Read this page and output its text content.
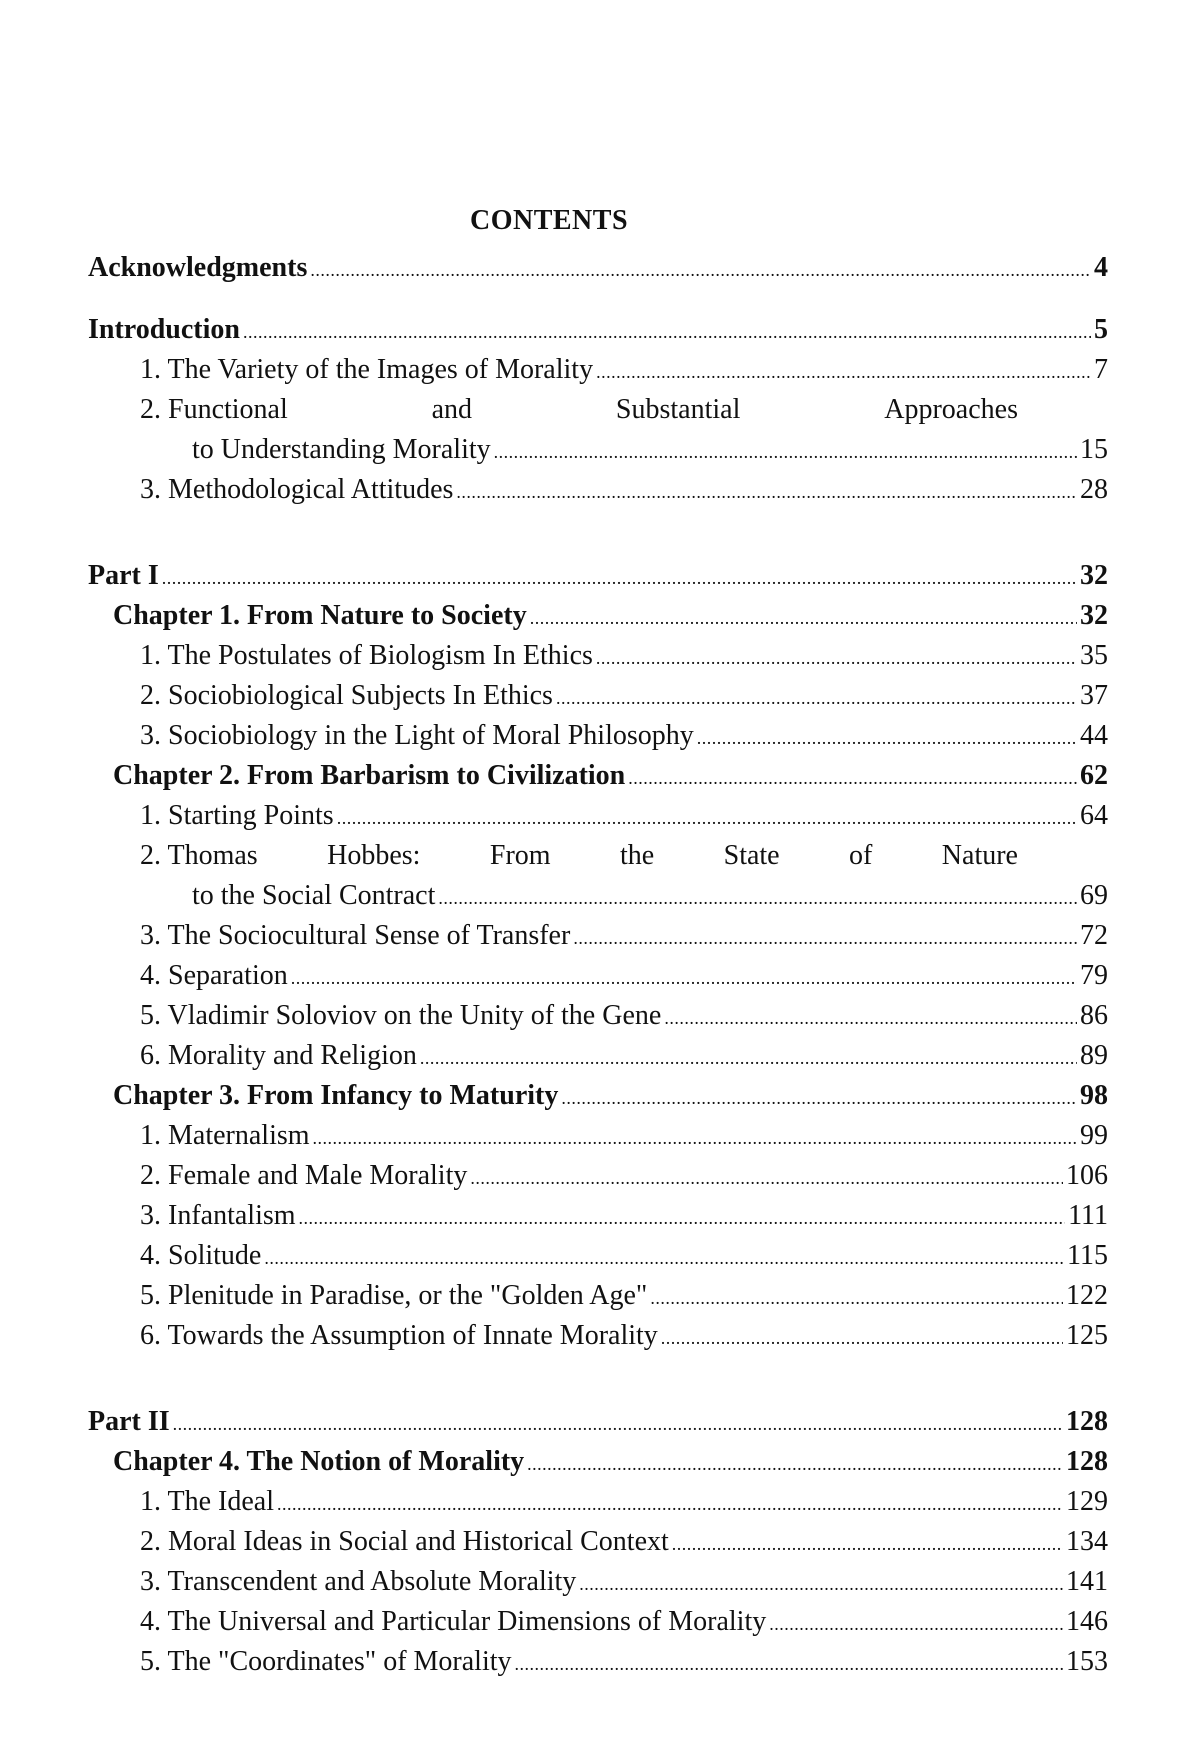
CONTENTS
Acknowledgments .....	4
Introduction .....	5
1. The Variety of the Images of Morality .....	7
2. Functional	and	Substantial	Approaches
to Understanding Morality .....	15
3. Methodological Attitudes .....	28
Part I .....	32
Chapter 1. From Nature to Society .....	32
1. The Postulates of Biologism In Ethics .....	35
2. Sociobiological Subjects In Ethics .....	37
3. Sociobiology in the Light of Moral Philosophy .....	44
Chapter 2. From Barbarism to Civilization .....	62
1. Starting Points .....	64
2. Thomas Hobbes: From the State of Nature
to the Social Contract .....	69
3. The Sociocultural Sense of Transfer .....	72
4. Separation .....	79
5. Vladimir Soloviov on the Unity of the Gene .....	86
6. Morality and Religion .....	89
Chapter 3. From Infancy to Maturity .....	98
1. Maternalism .....	99
2. Female and Male Morality .....	106
3. Infantalism .....	111
4. Solitude .....	115
5. Plenitude in Paradise, or the "Golden Age" .....	122
6. Towards the Assumption of Innate Morality .....	125
Part II .....	128
Chapter 4. The Notion of Morality .....	128
1. The Ideal .....	129
2. Moral Ideas in Social and Historical Context .....	134
3. Transcendent and Absolute Morality .....	141
4. The Universal and Particular Dimensions of Morality .....	146
5. The "Coordinates" of Morality .....	153
